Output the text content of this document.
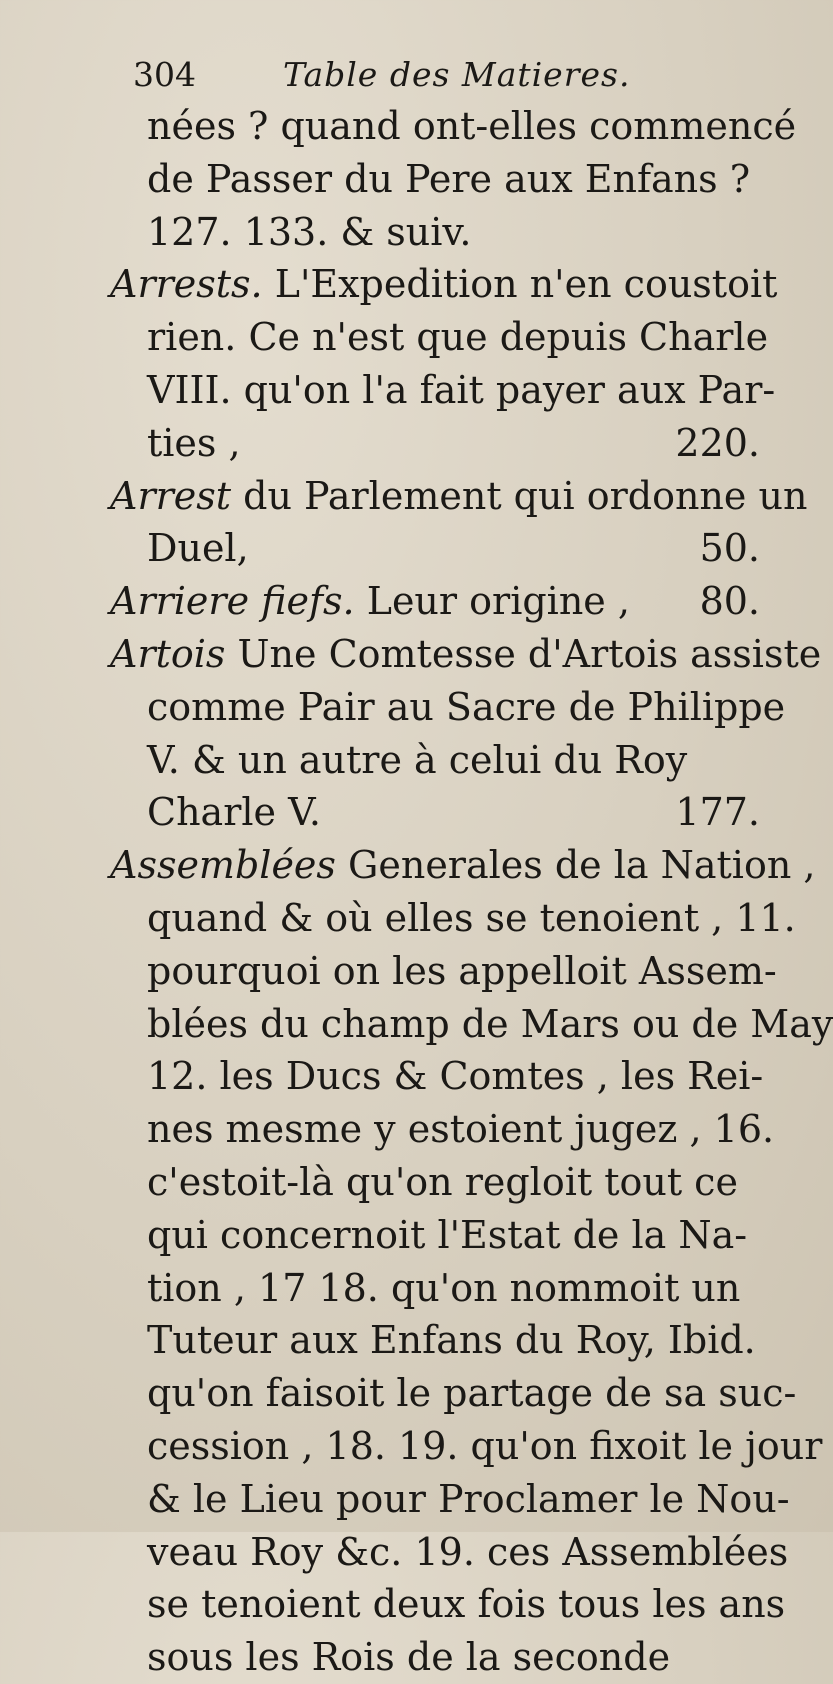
304	Table des Matieres.
nées ? quand ont-elles commencé
de Passer du Pere aux Enfans ?
127. 133. & suiv.
Arrests. L'Expedition n'en coustoit
rien. Ce n'est que depuis Charle
VIII. qu'on l'a fait payer aux Par-
ties ,	220.
Arrest du Parlement qui ordonne un
Duel,	50.
Arriere fiefs. Leur origine , 80.
Artois Une Comtesse d'Artois assiste
comme Pair au Sacre de Philippe
V. & un autre à celui du Roy
Charle V.	177.
Assemblées Generales de la Nation ,
quand & où elles se tenoient , 11.
pourquoi on les appelloit Assem-
blées du champ de Mars ou de May
12. les Ducs & Comtes , les Rei-
nes mesme y estoient jugez , 16.
c'estoit-là qu'on regloit tout ce
qui concernoit l'Estat de la Na-
tion , 17 18. qu'on nommoit un
Tuteur aux Enfans du Roy, Ibid.
qu'on faisoit le partage de sa suc-
cession , 18. 19. qu'on fixoit le jour
& le Lieu pour Proclamer le Nou-
veau Roy &c. 19. ces Assemblées
se tenoient deux fois tous les ans
sous les Rois de la seconde
